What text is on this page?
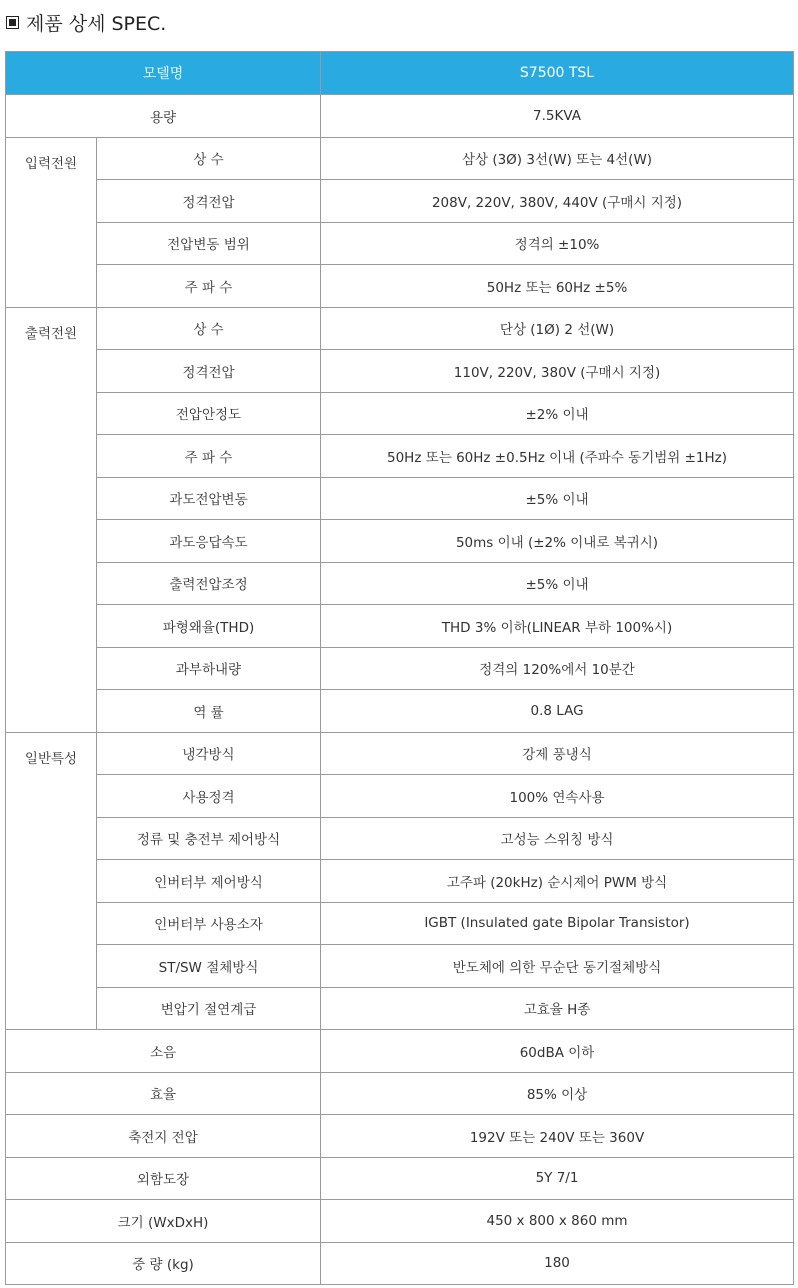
제품 상세 SPEC.
모델명		S7500 TSL
용량		7.5KVA
입력전원	상 수	삼상 (3Ø) 3선(W) 또는 4선(W)
	정격전압	208V, 220V, 380V, 440V (구매시 지정)
	전압변동 범위	정격의 ±10%
	주 파 수	50Hz 또는 60Hz ±5%
출력전원	상 수	단상 (1Ø) 2 선(W)
	정격전압	110V, 220V, 380V (구매시 지정)
	전압안정도	±2% 이내
	주 파 수	50Hz 또는 60Hz ±0.5Hz 이내 (주파수 동기범위 ±1Hz)
	과도전압변동	±5% 이내
	과도응답속도	50ms 이내 (±2% 이내로 복귀시)
	출력전압조정	±5% 이내
	파형왜율(THD)	THD 3% 이하(LINEAR 부하 100%시)
	과부하내량	정격의 120%에서 10분간
	역 률	0.8 LAG
일반특성	냉각방식	강제 풍냉식
	사용정격	100% 연속사용
	정류 및 충전부 제어방식	고성능 스위칭 방식
	인버터부 제어방식	고주파 (20kHz) 순시제어 PWM 방식
	인버터부 사용소자	IGBT (Insulated gate Bipolar Transistor)
	ST/SW 절체방식	반도체에 의한 무순단 동기절체방식
	변압기 절연계급	고효율 H종
소음		60dBA 이하
효율		85% 이상
축전지 전압		192V 또는 240V 또는 360V
외함도장		5Y 7/1
크기 (WxDxH)		450 x 800 x 860 mm
중 량 (kg)		180
